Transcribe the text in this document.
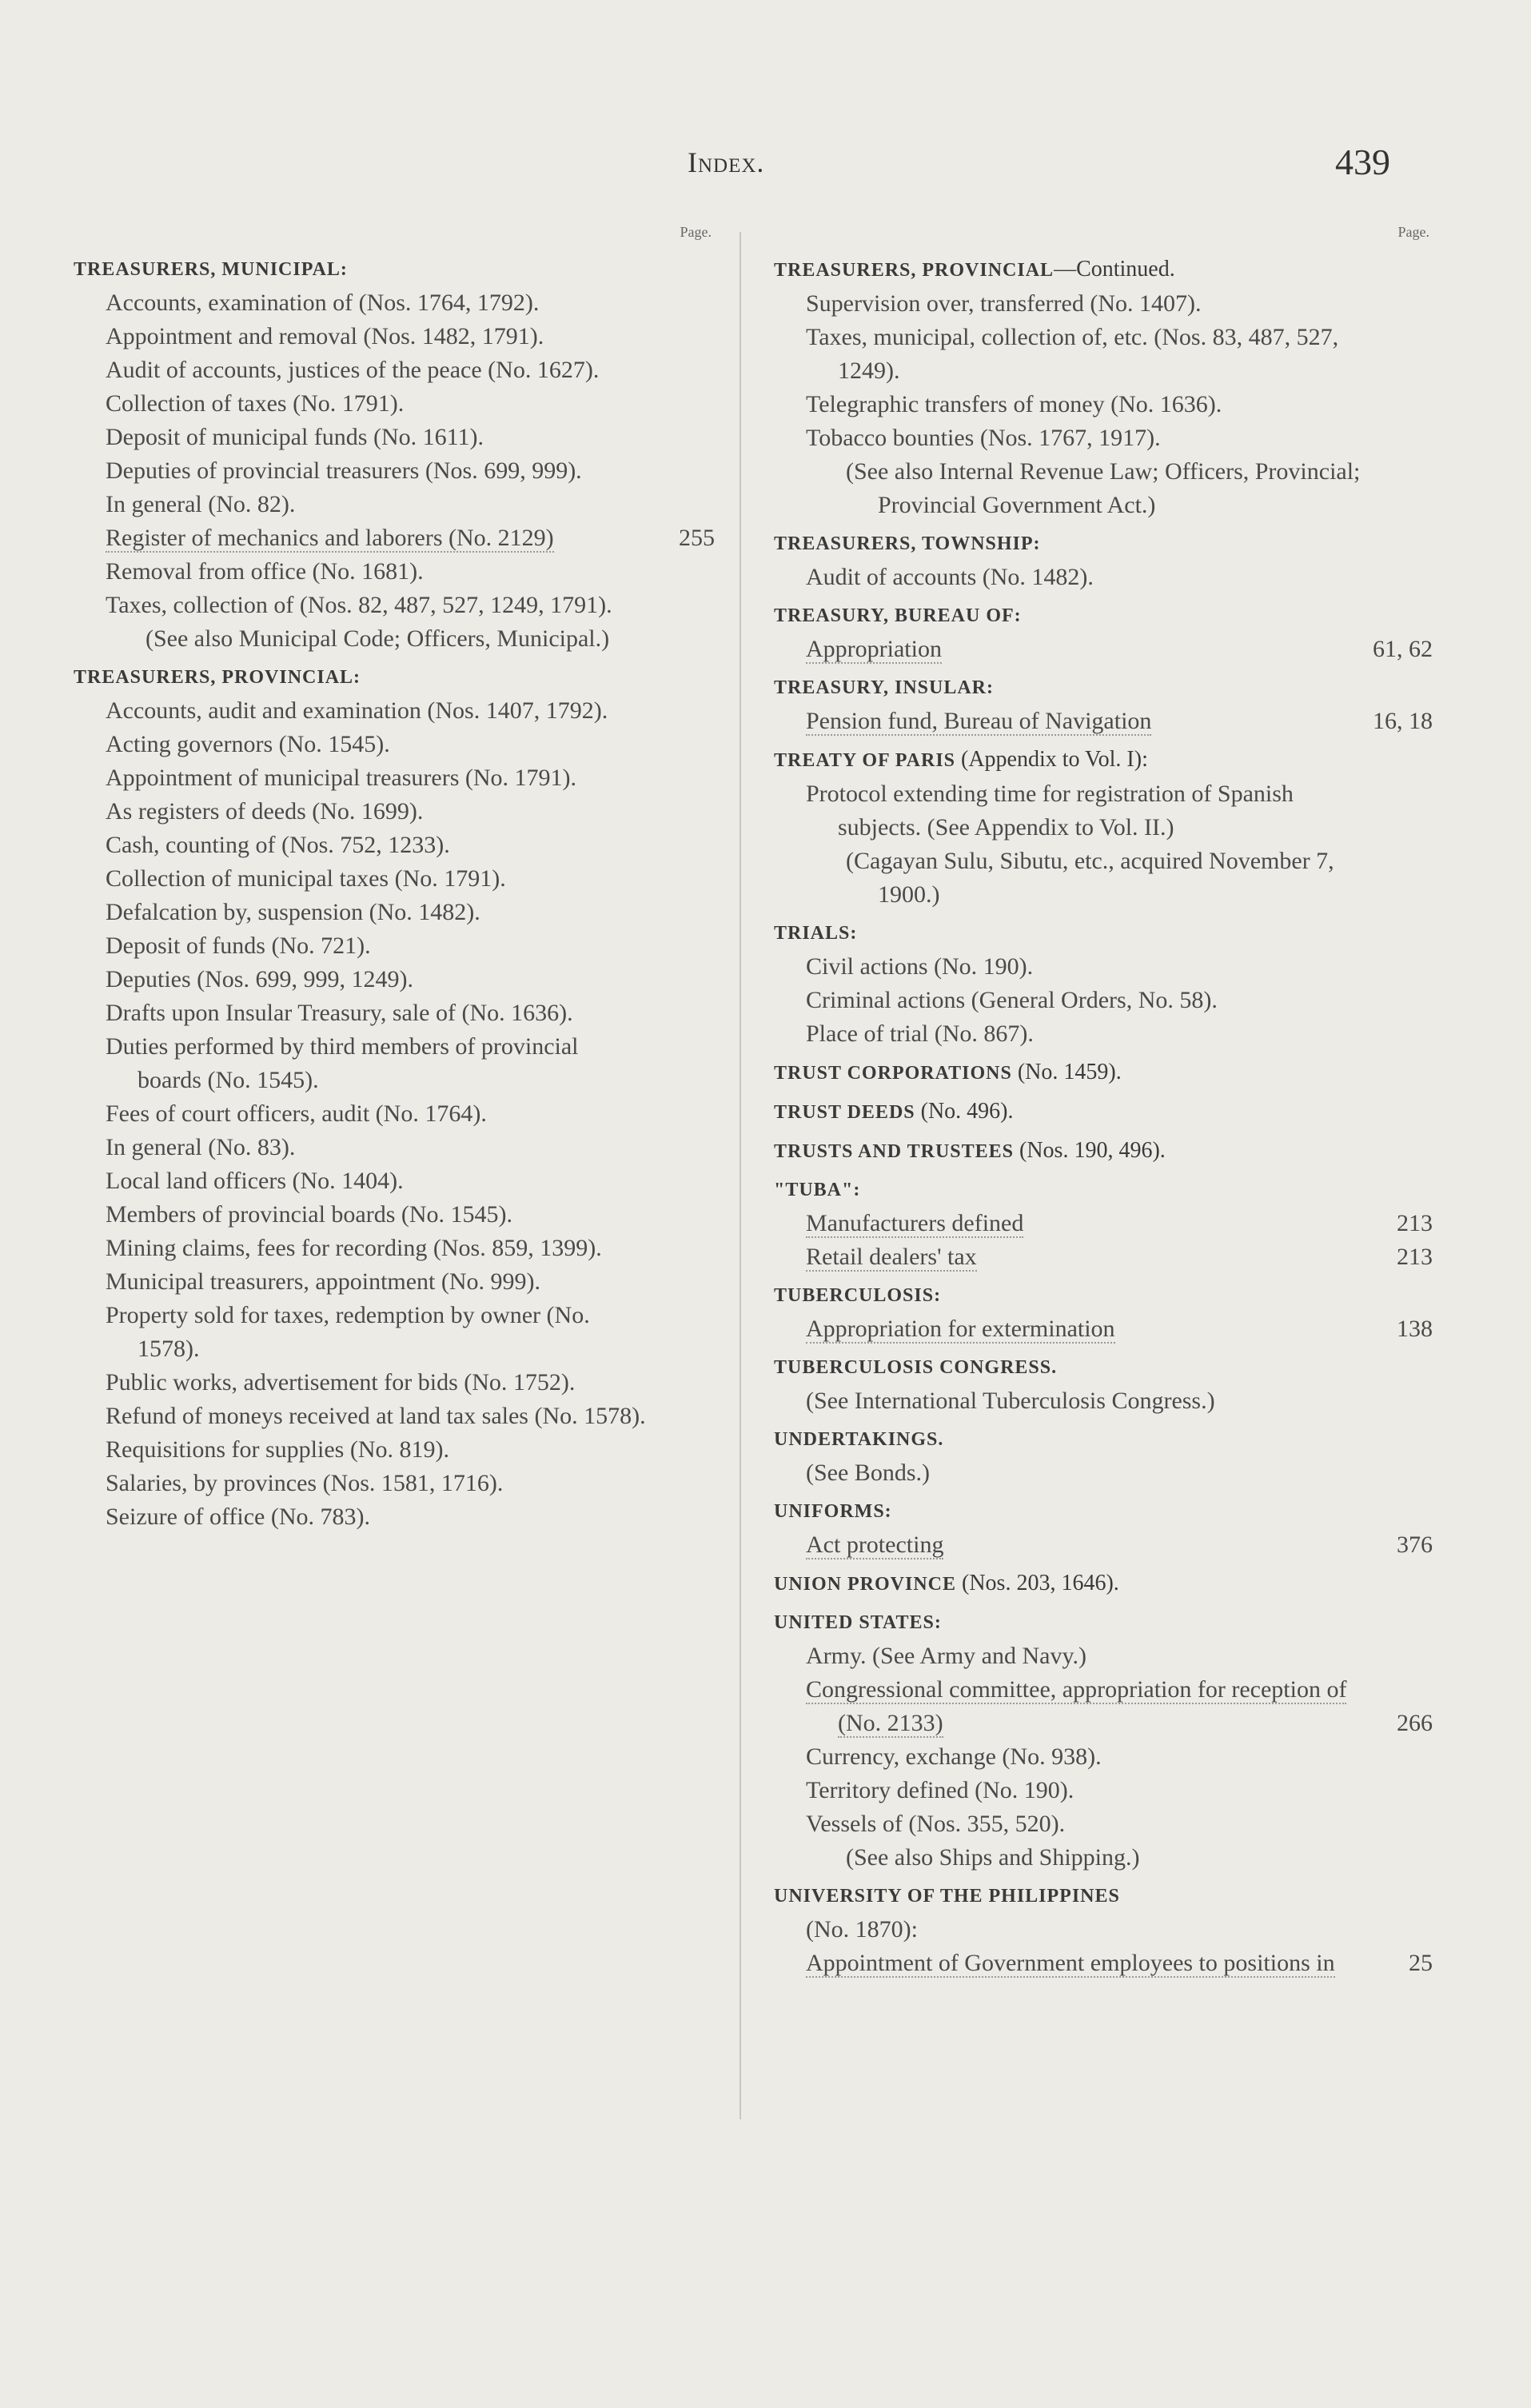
Index.	439
Page.
TREASURERS, MUNICIPAL:
Accounts, examination of (Nos. 1764, 1792).
Appointment and removal (Nos. 1482, 1791).
Audit of accounts, justices of the peace (No. 1627).
Collection of taxes (No. 1791).
Deposit of municipal funds (No. 1611).
Deputies of provincial treasurers (Nos. 699, 999).
In general (No. 82).
Register of mechanics and laborers (No. 2129)	255
Removal from office (No. 1681).
Taxes, collection of (Nos. 82, 487, 527, 1249, 1791).
(See also Municipal Code; Officers, Municipal.)
TREASURERS, PROVINCIAL:
Accounts, audit and examination (Nos. 1407, 1792).
Acting governors (No. 1545).
Appointment of municipal treasurers (No. 1791).
As registers of deeds (No. 1699).
Cash, counting of (Nos. 752, 1233).
Collection of municipal taxes (No. 1791).
Defalcation by, suspension (No. 1482).
Deposit of funds (No. 721).
Deputies (Nos. 699, 999, 1249).
Drafts upon Insular Treasury, sale of (No. 1636).
Duties performed by third members of provincial boards (No. 1545).
Fees of court officers, audit (No. 1764).
In general (No. 83).
Local land officers (No. 1404).
Members of provincial boards (No. 1545).
Mining claims, fees for recording (Nos. 859, 1399).
Municipal treasurers, appointment (No. 999).
Property sold for taxes, redemption by owner (No. 1578).
Public works, advertisement for bids (No. 1752).
Refund of moneys received at land tax sales (No. 1578).
Requisitions for supplies (No. 819).
Salaries, by provinces (Nos. 1581, 1716).
Seizure of office (No. 783).
Page.
TREASURERS, PROVINCIAL—Continued.
Supervision over, transferred (No. 1407).
Taxes, municipal, collection of, etc. (Nos. 83, 487, 527, 1249).
Telegraphic transfers of money (No. 1636).
Tobacco bounties (Nos. 1767, 1917).
(See also Internal Revenue Law; Officers, Provincial; Provincial Government Act.)
TREASURERS, TOWNSHIP:
Audit of accounts (No. 1482).
TREASURY, BUREAU OF:
Appropriation	61, 62
TREASURY, INSULAR:
Pension fund, Bureau of Navigation	16, 18
TREATY OF PARIS (Appendix to Vol. I):
Protocol extending time for registration of Spanish subjects. (See Appendix to Vol. II.)
(Cagayan Sulu, Sibutu, etc., acquired November 7, 1900.)
TRIALS:
Civil actions (No. 190).
Criminal actions (General Orders, No. 58).
Place of trial (No. 867).
TRUST CORPORATIONS (No. 1459).
TRUST DEEDS (No. 496).
TRUSTS AND TRUSTEES (Nos. 190, 496).
"TUBA":
Manufacturers defined	213
Retail dealers' tax	213
TUBERCULOSIS:
Appropriation for extermination	138
TUBERCULOSIS CONGRESS.
(See International Tuberculosis Congress.)
UNDERTAKINGS.
(See Bonds.)
UNIFORMS:
Act protecting	376
UNION PROVINCE (Nos. 203, 1646).
UNITED STATES:
Army. (See Army and Navy.)
Congressional committee, appropriation for reception of (No. 2133)	266
Currency, exchange (No. 938).
Territory defined (No. 190).
Vessels of (Nos. 355, 520).
(See also Ships and Shipping.)
UNIVERSITY OF THE PHILIPPINES
(No. 1870):
Appointment of Government employees to positions in	25
